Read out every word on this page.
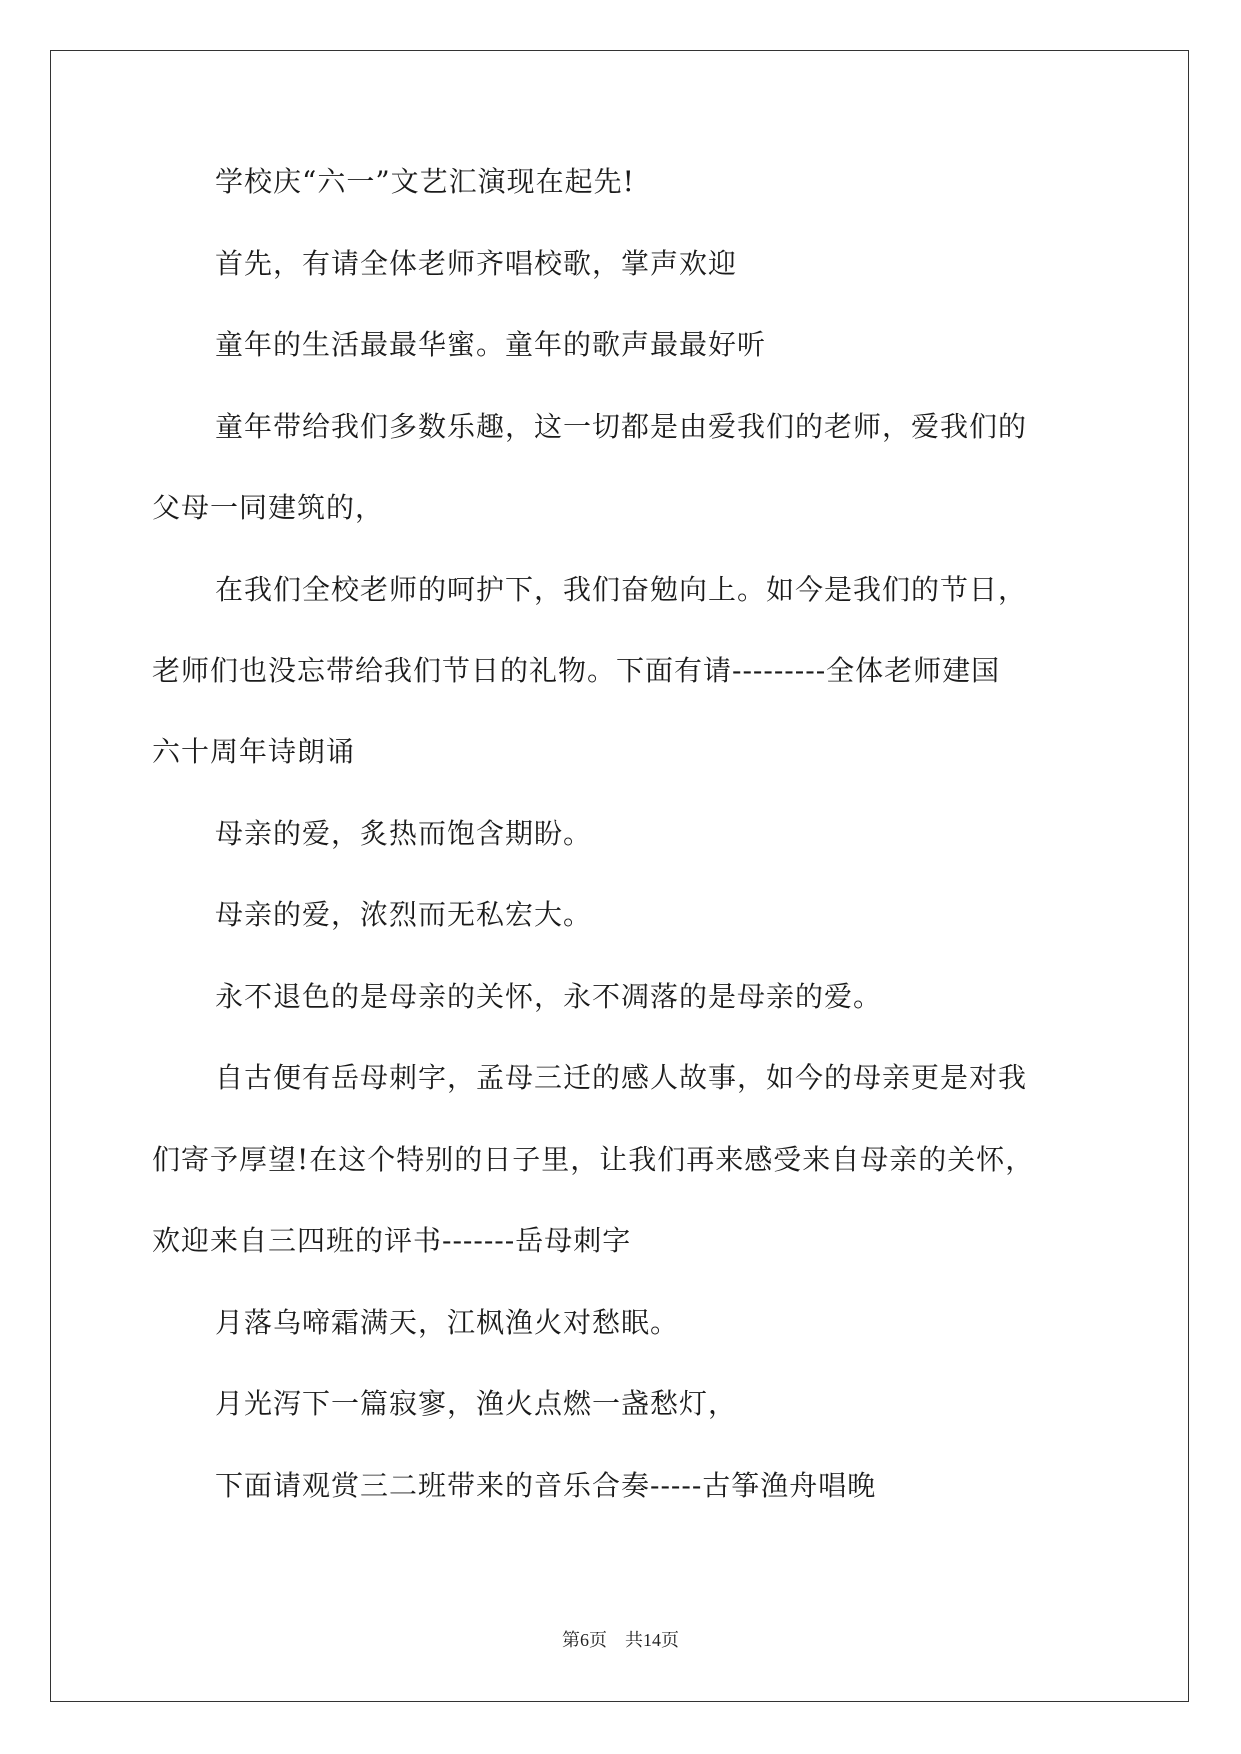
学校庆“六一”文艺汇演现在起先!
首先，有请全体老师齐唱校歌，掌声欢迎
童年的生活最最华蜜。童年的歌声最最好听
童年带给我们多数乐趣，这一切都是由爱我们的老师，爱我们的
父母一同建筑的，
在我们全校老师的呵护下，我们奋勉向上。如今是我们的节日，
老师们也没忘带给我们节日的礼物。下面有请---------全体老师建国
六十周年诗朗诵
母亲的爱，炙热而饱含期盼。
母亲的爱，浓烈而无私宏大。
永不退色的是母亲的关怀，永不凋落的是母亲的爱。
自古便有岳母刺字，孟母三迁的感人故事，如今的母亲更是对我
们寄予厚望!在这个特别的日子里，让我们再来感受来自母亲的关怀，
欢迎来自三四班的评书-------岳母刺字
月落乌啼霜满天，江枫渔火对愁眠。
月光泻下一篇寂寥，渔火点燃一盏愁灯，
下面请观赏三二班带来的音乐合奏-----古筝渔舟唱晚
第6页 共14页
